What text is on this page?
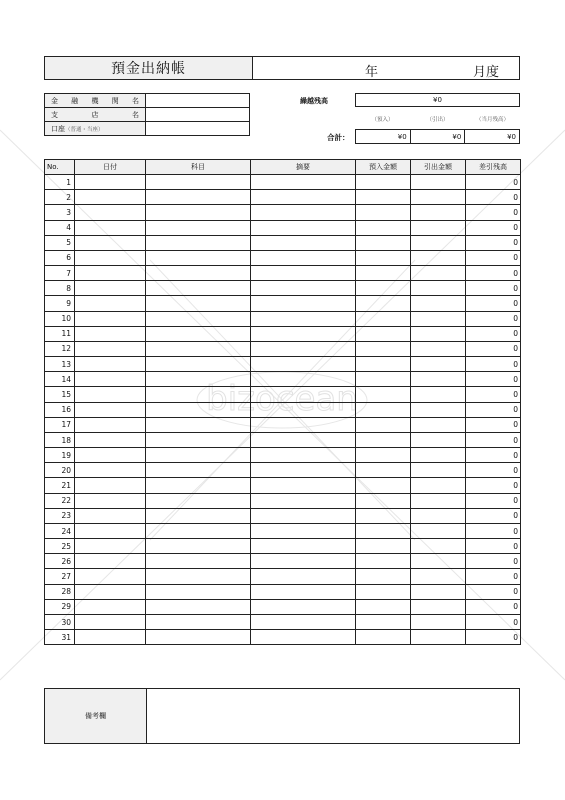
bizocean
預金出納帳	年	月度
金 融 機 関 名
支	店	名
口座 （普通・当座）
繰越残高	¥0
（預入）	（引出）	（当月残高）
合計：	¥0	¥0	¥0
No.	日付	科目	摘要	預入金額	引出金額	差引残高
1						0
2						0
3						0
4						0
5						0
6						0
7						0
8						0
9						0
10						0
11						0
12						0
13						0
14						0
15						0
16						0
17						0
18						0
19						0
20						0
21						0
22						0
23						0
24						0
25						0
26						0
27						0
28						0
29						0
30						0
31						0
備考欄
